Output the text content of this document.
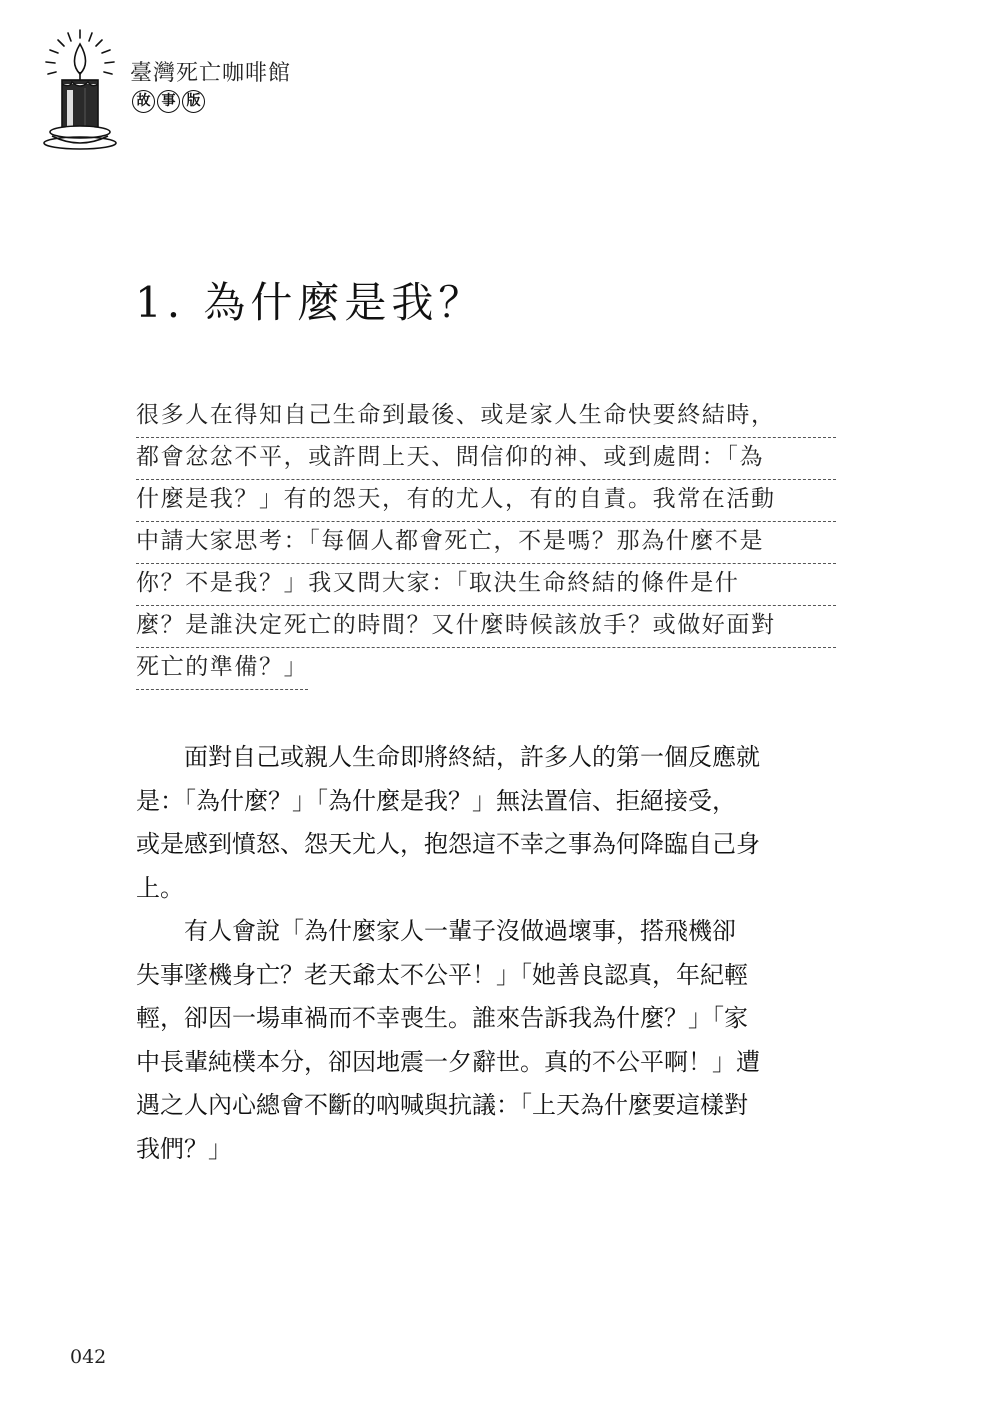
臺灣死亡咖啡館
故 事 版
1. 為什麼是我？
很多人在得知自己生命到最後、或是家人生命快要終結時，
都會忿忿不平，或許問上天、問信仰的神、或到處問：「為
什麼是我？」有的怨天，有的尤人，有的自責。我常在活動
中請大家思考：「每個人都會死亡，不是嗎？那為什麼不是
你？不是我？」我又問大家：「取決生命終結的條件是什
麼？是誰決定死亡的時間？又什麼時候該放手？或做好面對
死亡的準備？」

　　面對自己或親人生命即將終結，許多人的第一個反應就
是：「為什麼？」「為什麼是我？」無法置信、拒絕接受，
或是感到憤怒、怨天尤人，抱怨這不幸之事為何降臨自己身
上。

　　有人會說「為什麼家人一輩子沒做過壞事，搭飛機卻
失事墜機身亡？老天爺太不公平！」「她善良認真，年紀輕
輕，卻因一場車禍而不幸喪生。誰來告訴我為什麼？」「家
中長輩純樸本分，卻因地震一夕辭世。真的不公平啊！」遭
遇之人內心總會不斷的吶喊與抗議：「上天為什麼要這樣對
我們？」

042
